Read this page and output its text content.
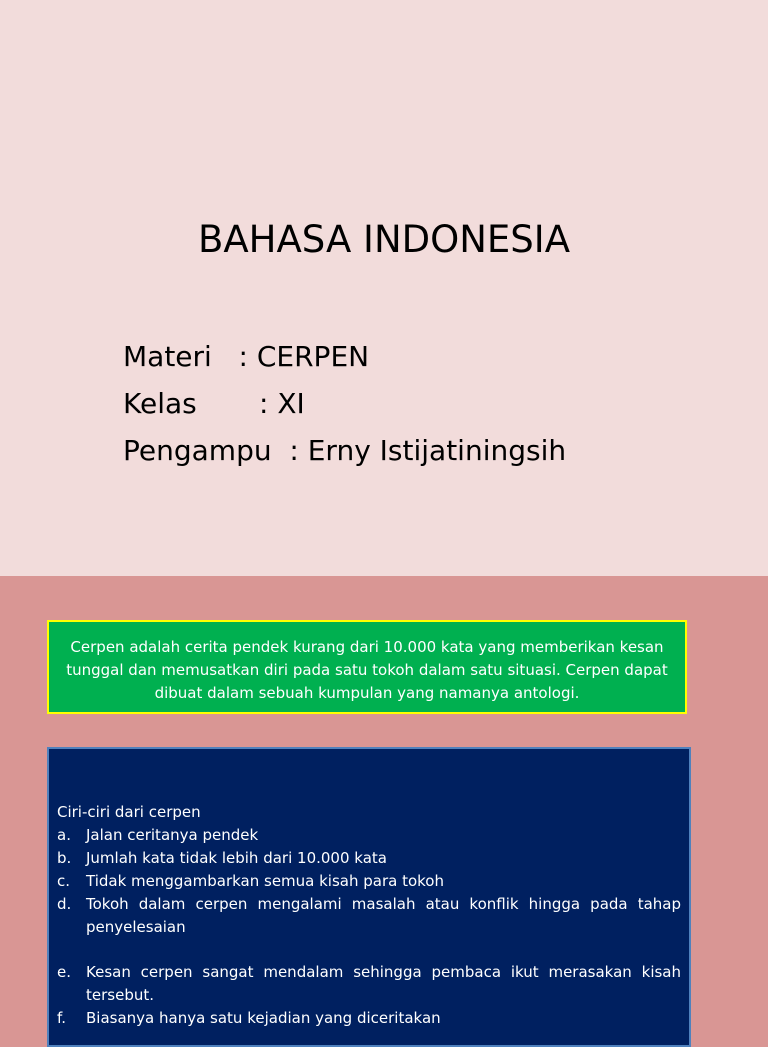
BAHASA INDONESIA
Materi   : CERPEN
Kelas       : XI
Pengampu  : Erny Istijatiningsih
Cerpen adalah cerita pendek kurang dari 10.000 kata yang memberikan kesan tunggal dan memusatkan diri pada satu tokoh dalam satu situasi. Cerpen dapat dibuat dalam sebuah kumpulan yang namanya antologi.
Ciri-ciri dari cerpen
a.	Jalan ceritanya pendek
b. Jumlah kata tidak lebih dari 10.000 kata
c.	Tidak menggambarkan semua kisah para tokoh
d. Tokoh dalam cerpen mengalami masalah atau konflik hingga pada tahap penyelesaian
e.	Kesan cerpen sangat mendalam sehingga pembaca ikut merasakan kisah tersebut.
f.	Biasanya hanya satu kejadian yang diceritakan
